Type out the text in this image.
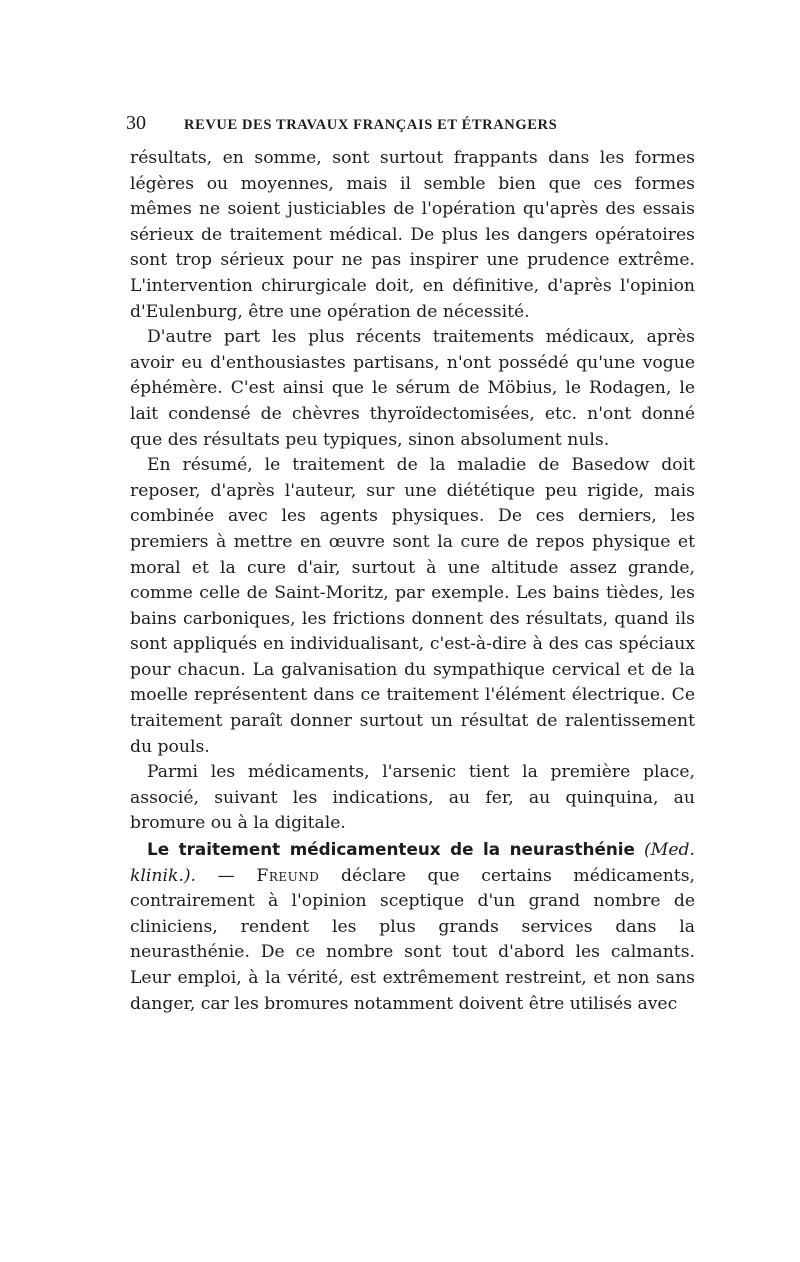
30	REVUE DES TRAVAUX FRANÇAIS ET ÉTRANGERS

résultats, en somme, sont surtout frappants dans les formes légères ou moyennes, mais il semble bien que ces formes mêmes ne soient justiciables de l'opération qu'après des essais sérieux de traitement médical. De plus les dangers opératoires sont trop sérieux pour ne pas inspirer une prudence extrême. L'intervention chirurgicale doit, en définitive, d'après l'opinion d'Eulenburg, être une opération de nécessité.

D'autre part les plus récents traitements médicaux, après avoir eu d'enthousiastes partisans, n'ont possédé qu'une vogue éphémère. C'est ainsi que le sérum de Möbius, le Rodagen, le lait condensé de chèvres thyroïdectomisées, etc. n'ont donné que des résultats peu typiques, sinon absolument nuls.

En résumé, le traitement de la maladie de Basedow doit reposer, d'après l'auteur, sur une diététique peu rigide, mais combinée avec les agents physiques. De ces derniers, les premiers à mettre en œuvre sont la cure de repos physique et moral et la cure d'air, surtout à une altitude assez grande, comme celle de Saint-Moritz, par exemple. Les bains tièdes, les bains carboniques, les frictions donnent des résultats, quand ils sont appliqués en individualisant, c'est-à-dire à des cas spéciaux pour chacun. La galvanisation du sympathique cervical et de la moelle représentent dans ce traitement l'élément électrique. Ce traitement paraît donner surtout un résultat de ralentissement du pouls.

Parmi les médicaments, l'arsenic tient la première place, associé, suivant les indications, au fer, au quinquina, au bromure ou à la digitale.

Le traitement médicamenteux de la neurasthénie (Med. klinik.). — Freund déclare que certains médicaments, contrairement à l'opinion sceptique d'un grand nombre de cliniciens, rendent les plus grands services dans la neurasthénie. De ce nombre sont tout d'abord les calmants. Leur emploi, à la vérité, est extrêmement restreint, et non sans danger, car les bromures notamment doivent être utilisés avec
